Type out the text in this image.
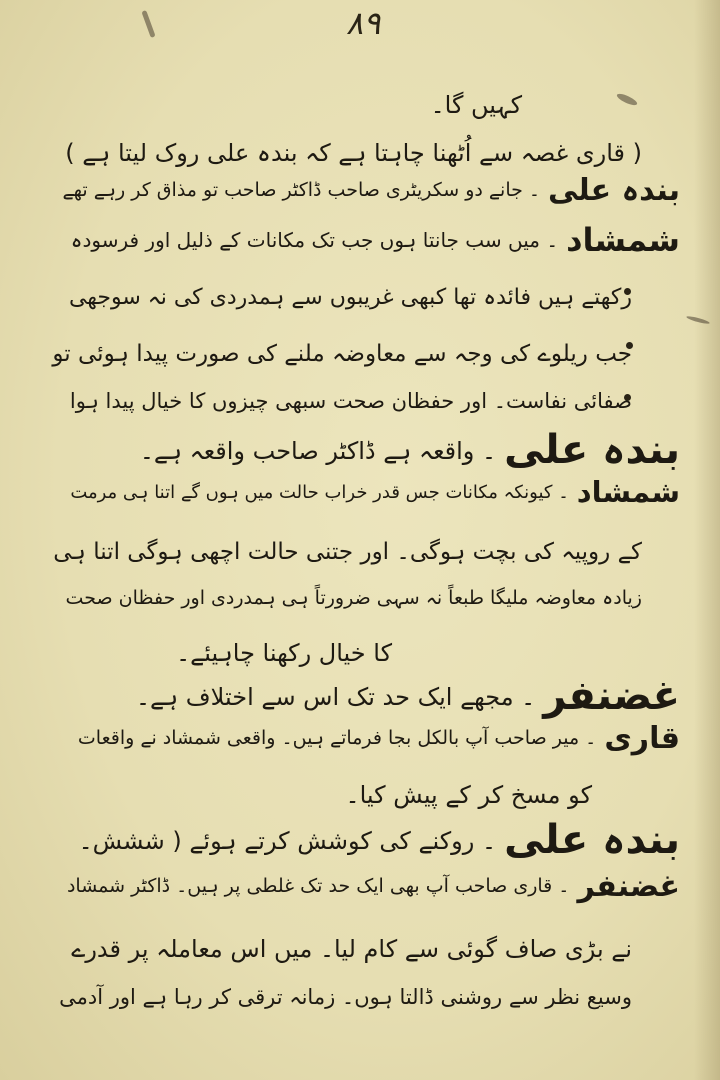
۸۹
کہیں گا۔
( قاری غصہ سے اُٹھنا چاہتا ہے کہ بندہ علی روک لیتا ہے )
بندہ علی۔ جانے دو سکریٹری صاحب ڈاکٹر صاحب تو مذاق کر رہے تھے
شمشاد۔ میں سب جانتا ہوں جب تک مکانات کے ذلیل اور فرسودہ
رکھتے ہیں فائدہ تھا کبھی غریبوں سے ہمدردی کی نہ سوجھی
جب ریلوے کی وجہ سے معاوضہ ملنے کی صورت پیدا ہوئی تو
صفائی نفاست۔ اور حفظان صحت سبھی چیزوں کا خیال پیدا ہوا
بندہ علی۔ واقعہ ہے ڈاکٹر صاحب واقعہ ہے۔
شمشاد۔ کیونکہ مکانات جس قدر خراب حالت میں ہوں گے اتنا ہی مرمت
کے روپیہ کی بچت ہوگی۔ اور جتنی حالت اچھی ہوگی اتنا ہی
زیادہ معاوضہ ملیگا طبعاً نہ سہی ضرورتاً ہی ہمدردی اور حفظان صحت
کا خیال رکھنا چاہیئے۔
غضنفر۔ مجھے ایک حد تک اس سے اختلاف ہے۔
قاری۔ میر صاحب آپ بالکل بجا فرماتے ہیں۔ واقعی شمشاد نے واقعات
کو مسخ کر کے پیش کیا۔
بندہ علی۔ روکنے کی کوشش کرتے ہوئے ( ششش۔
غضنفر۔ قاری صاحب آپ بھی ایک حد تک غلطی پر ہیں۔ ڈاکٹر شمشاد
نے بڑی صاف گوئی سے کام لیا۔ میں اس معاملہ پر قدرے
وسیع نظر سے روشنی ڈالتا ہوں۔ زمانہ ترقی کر رہا ہے اور آدمی
